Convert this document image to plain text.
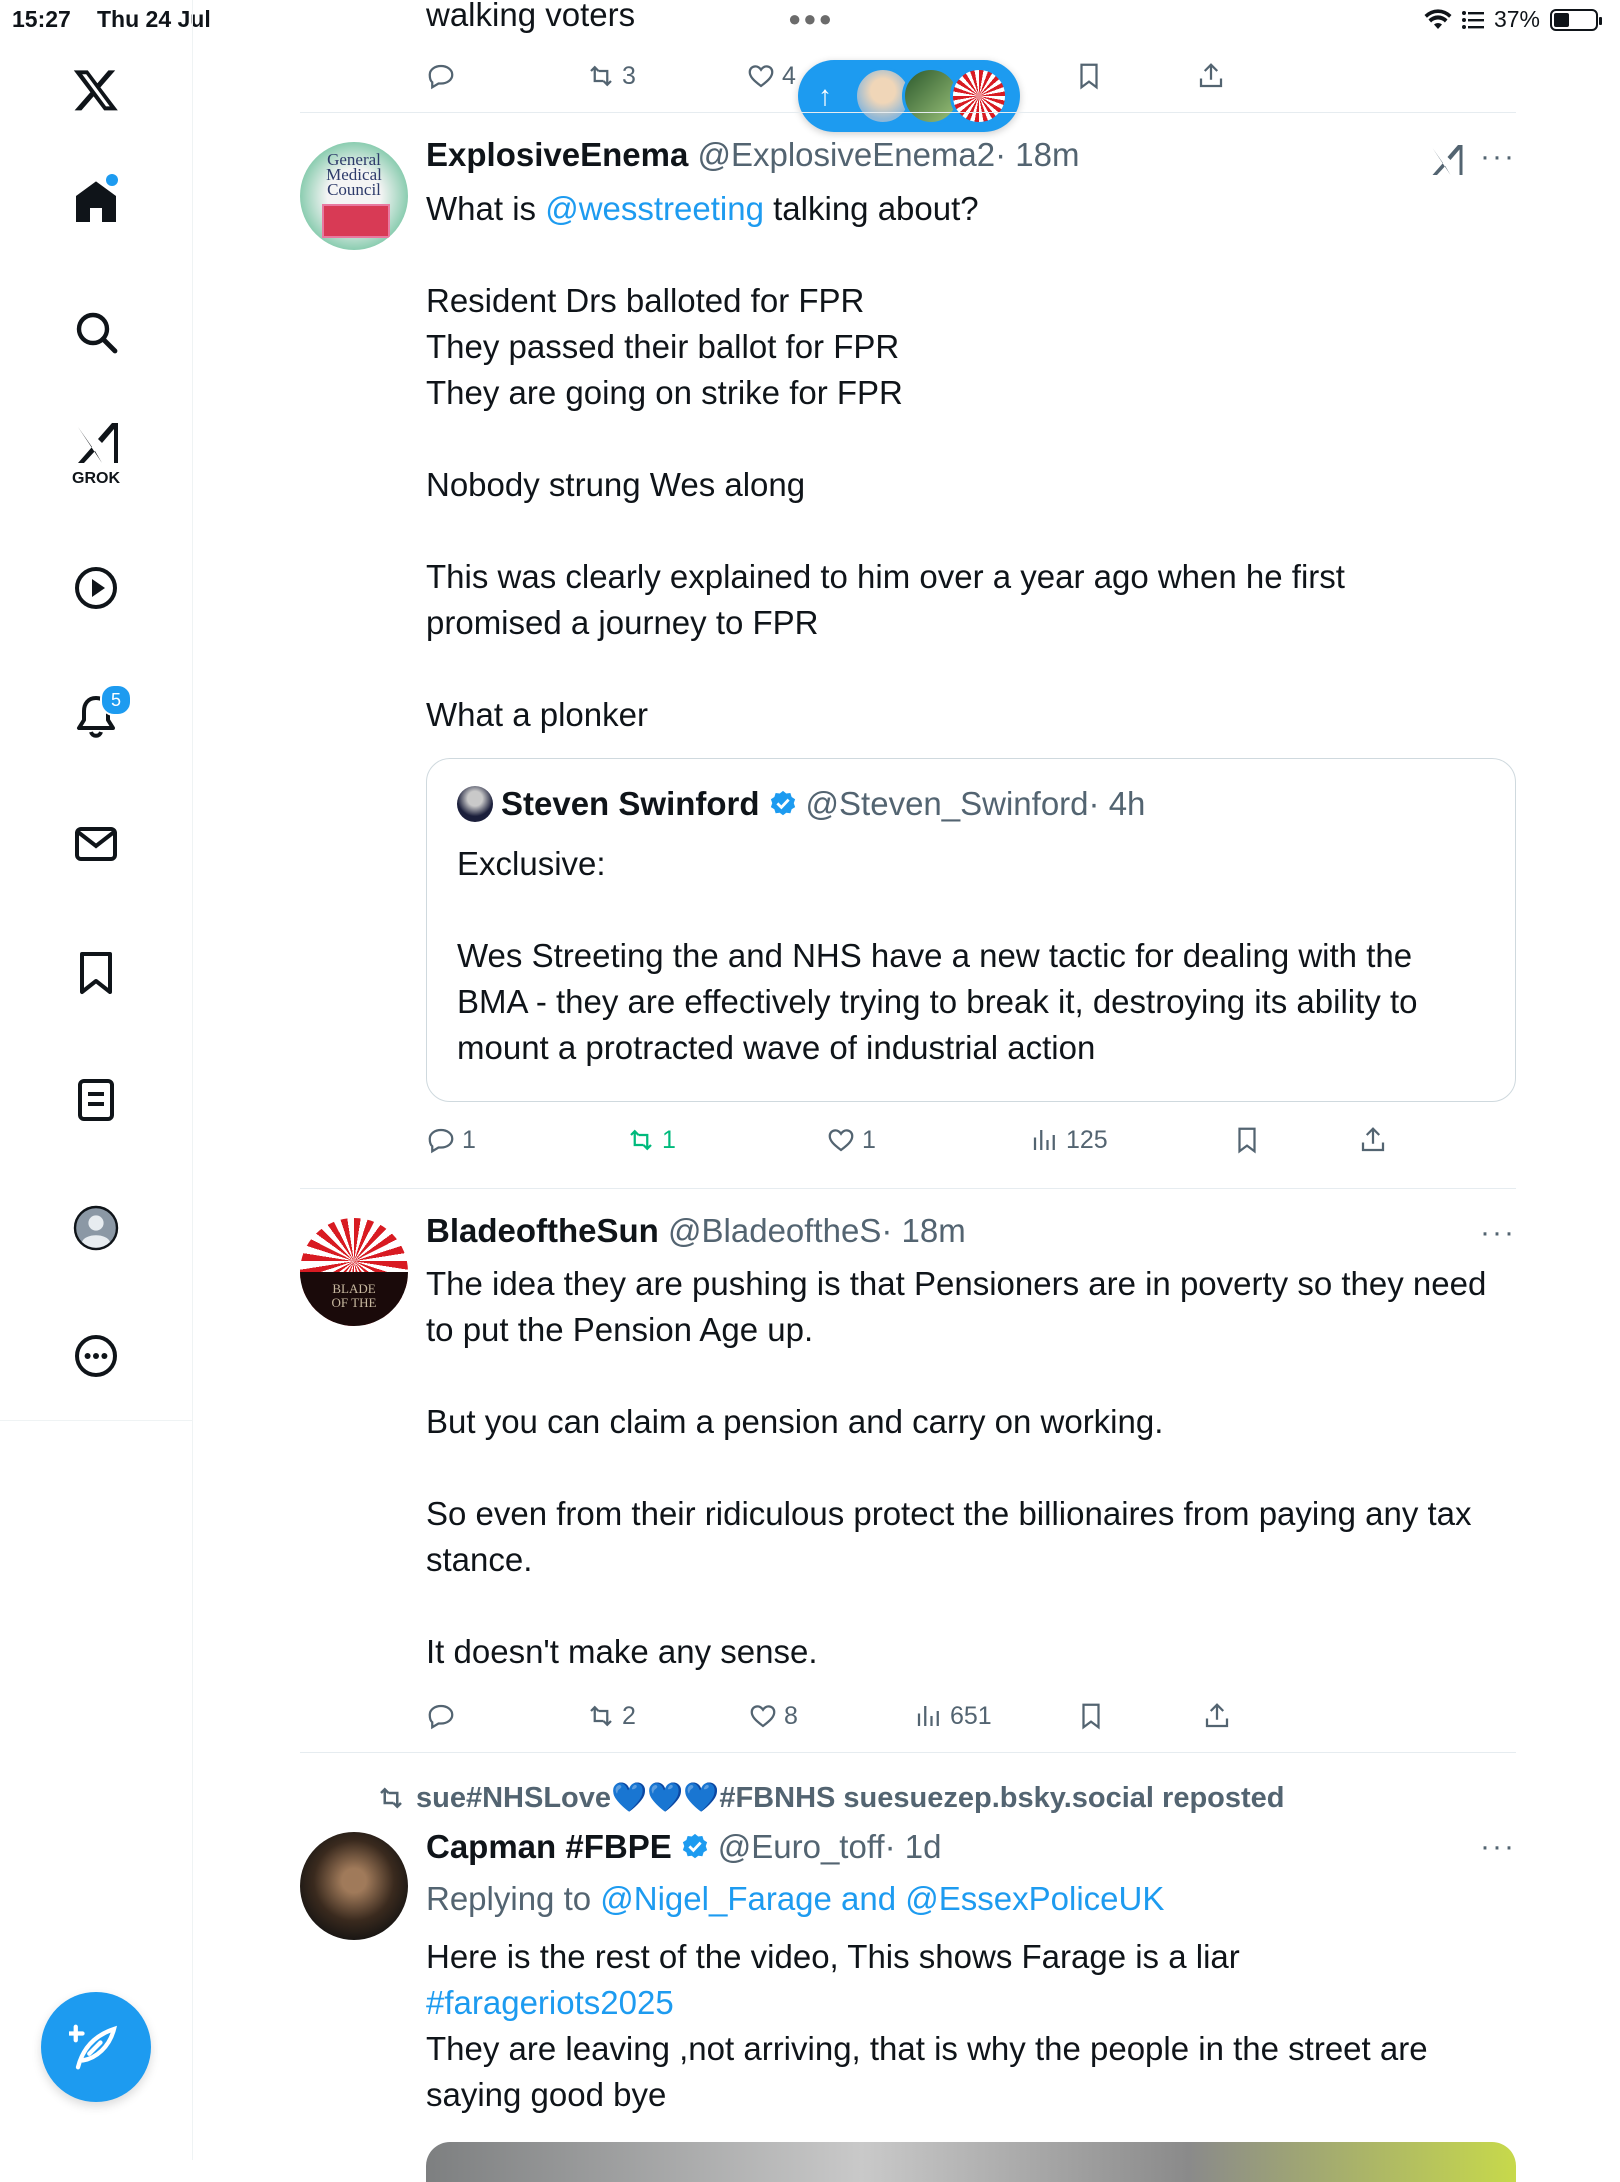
15:27 Thu 24 Jul	●●●	37%
GROK
5
↑
walking voters
3	4
General
Medical
Council
ExplosiveEnema @ExplosiveEnema2· 18m	···
What is @wesstreeting talking about?
Resident Drs balloted for FPR
They passed their ballot for FPR
They are going on strike for FPR
Nobody strung Wes along
This was clearly explained to him over a year ago when he first
promised a journey to FPR
What a plonker
Steven Swinford @Steven_Swinford · 4h
Exclusive:
Wes Streeting the and NHS have a new tactic for dealing with the
BMA - they are effectively trying to break it, destroying its ability to
mount a protracted wave of industrial action
1	1	1	125
BLADE
OF THE
BladeoftheSun @BladeoftheS· 18m	···
The idea they are pushing is that Pensioners are in poverty so they need
to put the Pension Age up.
But you can claim a pension and carry on working.
So even from their ridiculous protect the billionaires from paying any tax
stance.
It doesn't make any sense.
2	8	651
sue#NHSLove💙💙💙#FBNHS suesuezep.bsky.social reposted
Capman #FBPE @Euro_toff · 1d	···
Replying to @Nigel_Farage and @EssexPoliceUK
Here is the rest of the video, This shows Farage is a liar
#farageriots2025
They are leaving ,not arriving, that is why the people in the street are
saying good bye
